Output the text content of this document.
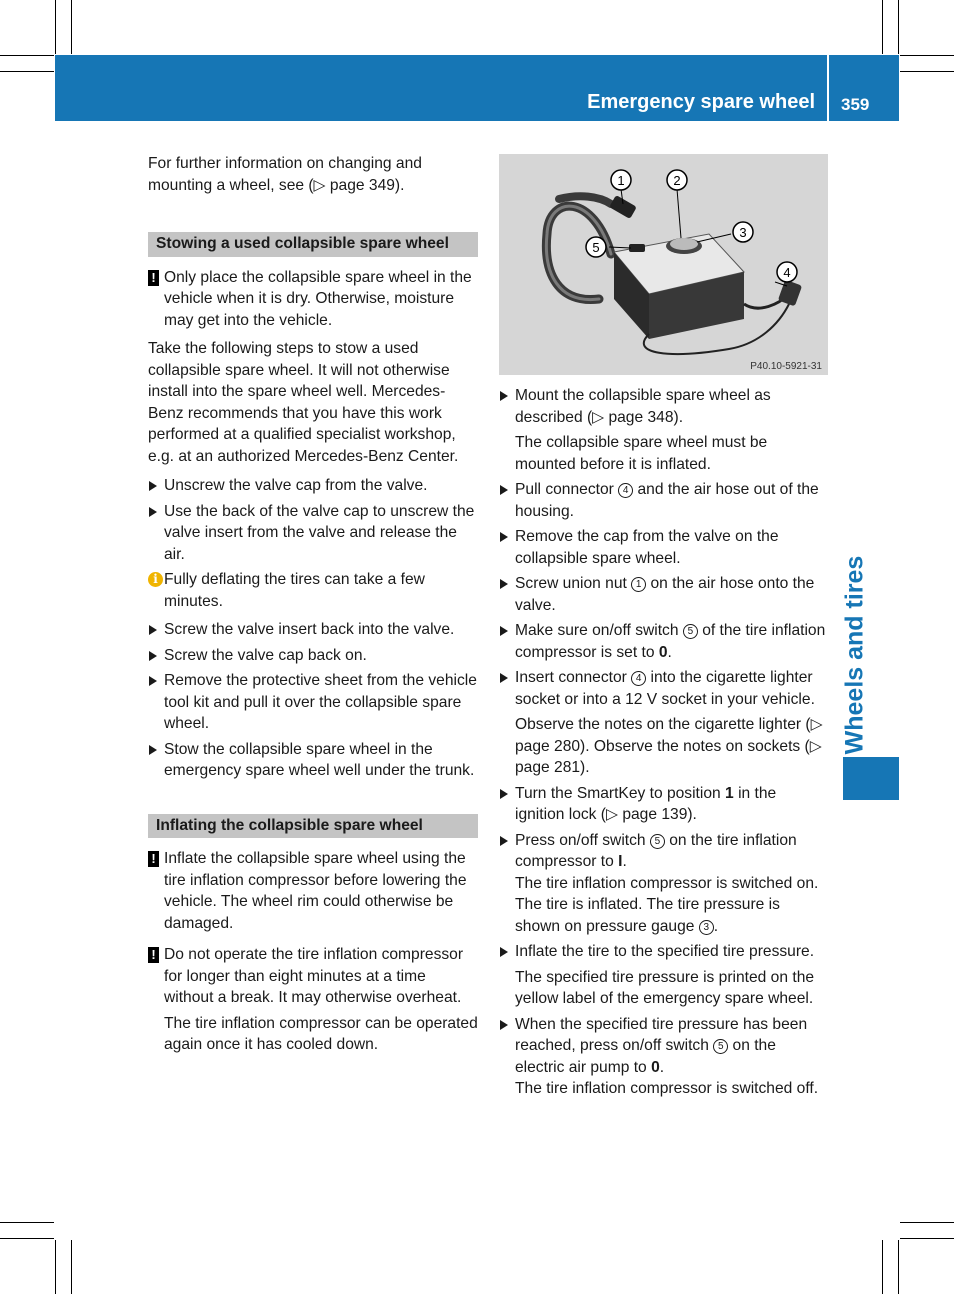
Emergency spare wheel 359
Wheels and tires

For further information on changing and mounting a wheel, see (▷ page 349).

Stowing a used collapsible spare wheel
! Only place the collapsible spare wheel in the vehicle when it is dry. Otherwise, moisture may get into the vehicle.

Take the following steps to stow a used collapsible spare wheel. It will not otherwise install into the spare wheel well. Mercedes-Benz recommends that you have this work performed at a qualified specialist workshop, e.g. at an authorized Mercedes-Benz Center.

Unscrew the valve cap from the valve.
Use the back of the valve cap to unscrew the valve insert from the valve and release the air.
i Fully deflating the tires can take a few minutes.
Screw the valve insert back into the valve.
Screw the valve cap back on.
Remove the protective sheet from the vehicle tool kit and pull it over the collapsible spare wheel.
Stow the collapsible spare wheel in the emergency spare wheel well under the trunk.
Inflating the collapsible spare wheel
! Inflate the collapsible spare wheel using the tire inflation compressor before lowering the vehicle. The wheel rim could otherwise be damaged.
! Do not operate the tire inflation compressor for longer than eight minutes at a time without a break. It may otherwise overheat.

The tire inflation compressor can be operated again once it has cooled down.

1	2
3
4
5
P40.10-5921-31
Mount the collapsible spare wheel as described (▷ page 348).

The collapsible spare wheel must be mounted before it is inflated.

Pull connector 4 and the air hose out of the housing.
Remove the cap from the valve on the collapsible spare wheel.
Screw union nut 1 on the air hose onto the valve.
Make sure on/off switch 5 of the tire inflation compressor is set to 0.
Insert connector 4 into the cigarette lighter socket or into a 12 V socket in your vehicle.

Observe the notes on the cigarette lighter (▷ page 280). Observe the notes on sockets (▷ page 281).

Turn the SmartKey to position 1 in the ignition lock (▷ page 139).
Press on/off switch 5 on the tire inflation compressor to I.

The tire inflation compressor is switched on. The tire is inflated. The tire pressure is shown on pressure gauge 3 .

Inflate the tire to the specified tire pressure.

The specified tire pressure is printed on the yellow label of the emergency spare wheel.

When the specified tire pressure has been reached, press on/off switch 5 on the electric air pump to 0.

The tire inflation compressor is switched off.
